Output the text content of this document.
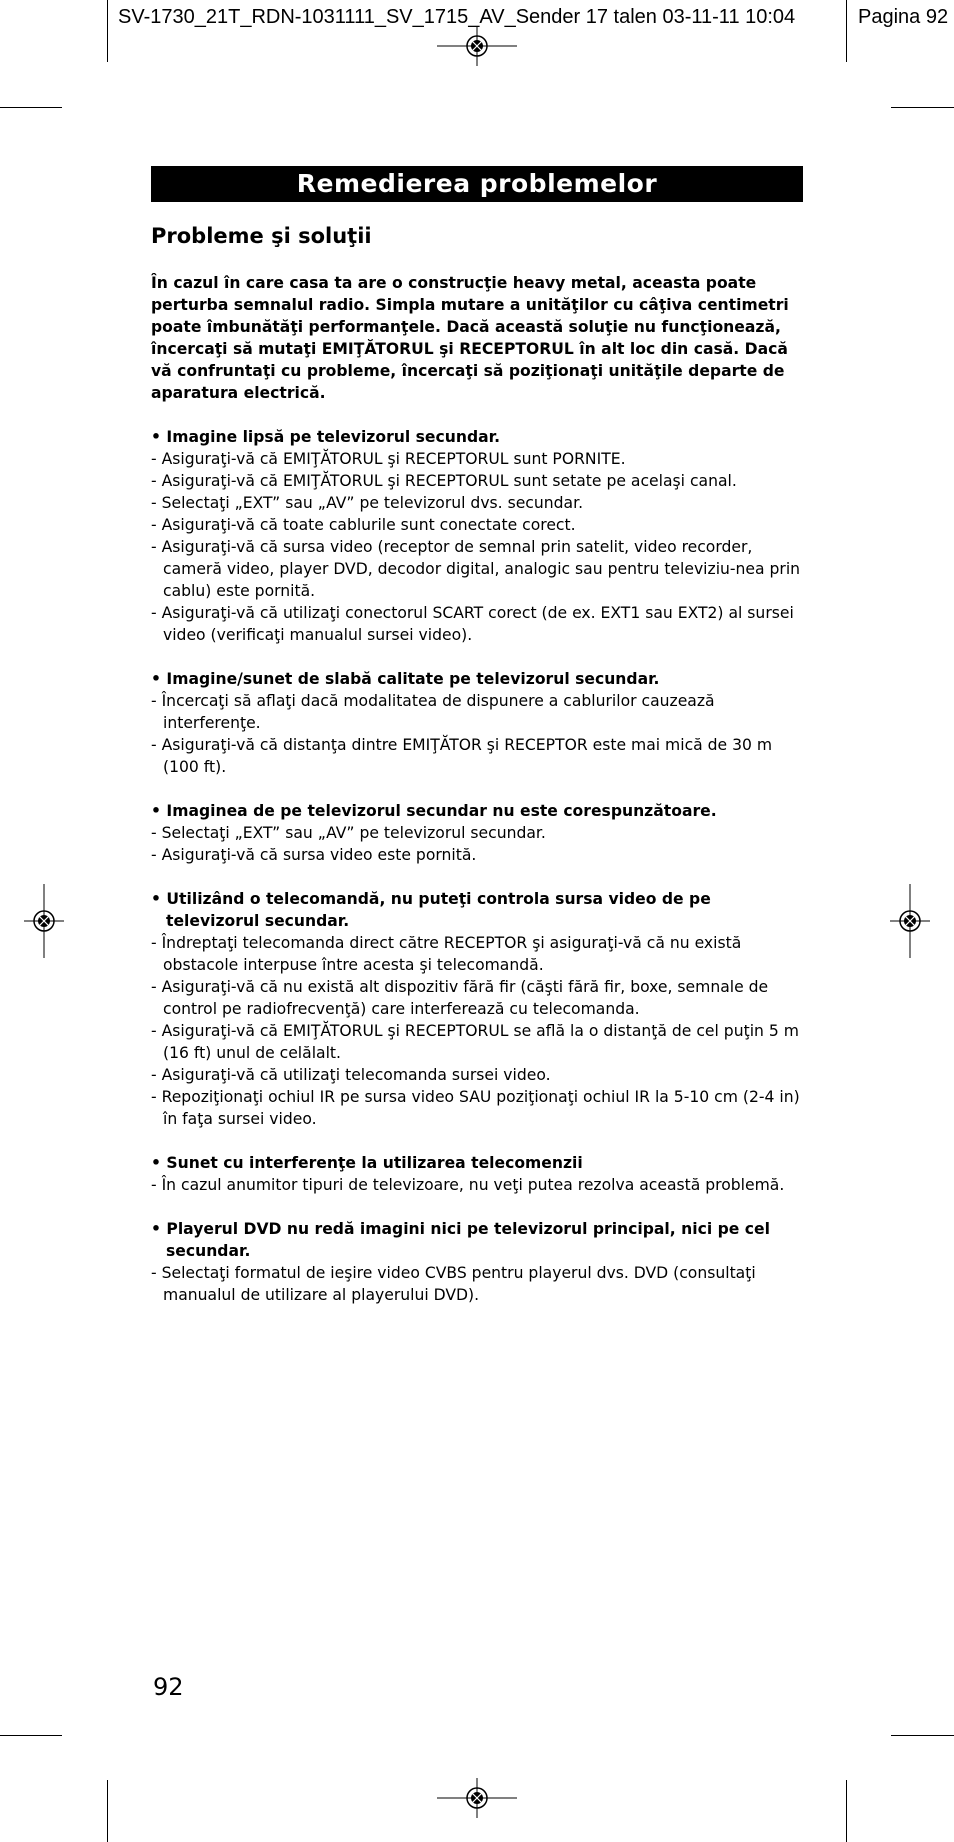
SV-1730_21T_RDN-1031111_SV_1715_AV_Sender 17 talen 03-11-11 10:04	Pagina 92
Remedierea problemelor
Probleme şi soluţii
În cazul în care casa ta are o construcţie heavy metal, aceasta poate perturba semnalul radio. Simpla mutare a unităţilor cu câţiva centimetri poate îmbunătăţi performanţele. Dacă această soluţie nu funcţionează, încercaţi să mutaţi EMIŢĂTORUL şi RECEPTORUL în alt loc din casă. Dacă vă confruntaţi cu probleme, încercaţi să poziţionaţi unităţile departe de aparatura electrică.
• Imagine lipsă pe televizorul secundar.
- Asiguraţi-vă că EMIŢĂTORUL şi RECEPTORUL sunt PORNITE.
- Asiguraţi-vă că EMIŢĂTORUL şi RECEPTORUL sunt setate pe acelaşi canal.
- Selectaţi „EXT” sau „AV” pe televizorul dvs. secundar.
- Asiguraţi-vă că toate cablurile sunt conectate corect.
- Asiguraţi-vă că sursa video (receptor de semnal prin satelit, video recorder, cameră video, player DVD, decodor digital, analogic sau pentru televiziu-nea prin cablu) este pornită.
- Asiguraţi-vă că utilizaţi conectorul SCART corect (de ex. EXT1 sau EXT2) al sursei video (verificaţi manualul sursei video).
• Imagine/sunet de slabă calitate pe televizorul secundar.
- Încercaţi să aflaţi dacă modalitatea de dispunere a cablurilor cauzează interferenţe.
- Asiguraţi-vă că distanţa dintre EMIŢĂTOR şi RECEPTOR este mai mică de 30 m (100 ft).
• Imaginea de pe televizorul secundar nu este corespunzătoare.
- Selectaţi „EXT” sau „AV” pe televizorul secundar.
- Asiguraţi-vă că sursa video este pornită.
• Utilizând o telecomandă, nu puteţi controla sursa video de pe televizorul secundar.
- Îndreptaţi telecomanda direct către RECEPTOR şi asiguraţi-vă că nu există obstacole interpuse între acesta şi telecomandă.
- Asiguraţi-vă că nu există alt dispozitiv fără fir (căşti fără fir, boxe, semnale de control pe radiofrecvenţă) care interferează cu telecomanda.
- Asiguraţi-vă că EMIŢĂTORUL şi RECEPTORUL se află la o distanţă de cel puţin 5 m (16 ft) unul de celălalt.
- Asiguraţi-vă că utilizaţi telecomanda sursei video.
- Repoziţionaţi ochiul IR pe sursa video SAU poziţionaţi ochiul IR la 5-10 cm (2-4 in) în faţa sursei video.
• Sunet cu interferenţe la utilizarea telecomenzii
- În cazul anumitor tipuri de televizoare, nu veţi putea rezolva această problemă.
• Playerul DVD nu redă imagini nici pe televizorul principal, nici pe cel secundar.
- Selectaţi formatul de ieşire video CVBS pentru playerul dvs. DVD (consultaţi manualul de utilizare al playerului DVD).
92
